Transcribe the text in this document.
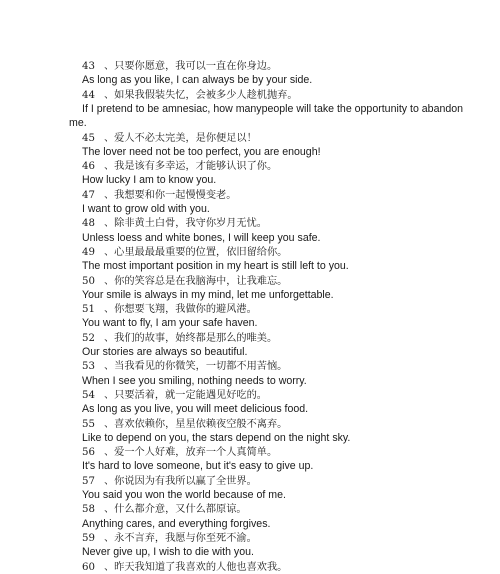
43 、只要你愿意，我可以一直在你身边。
As long as you like, I can always be by your side.
44 、如果我假装失忆，会被多少人趁机抛弃。
If I pretend to be amnesiac, how manypeople will take the opportunity to abandon
me.
45 、爱人不必太完美，是你便足以！
The lover need not be too perfect, you are enough!
46 、我是该有多幸运，才能够认识了你。
How lucky I am to know you.
47 、我想要和你一起慢慢变老。
I want to grow old with you.
48 、除非黄土白骨，我守你岁月无忧。
Unless loess and white bones, I will keep you safe.
49 、心里最最最重要的位置，依旧留给你。
The most important position in my heart is still left to you.
50 、你的笑容总是在我脑海中，让我难忘。
Your smile is always in my mind, let me unforgettable.
51 、你想要飞翔，我做你的避风港。
You want to fly, I am your safe haven.
52 、我们的故事，始终都是那么的唯美。
Our stories are always so beautiful.
53 、当我看见的你微笑，一切都不用苦恼。
When I see you smiling, nothing needs to worry.
54 、只要活着，就一定能遇见好吃的。
As long as you live, you will meet delicious food.
55 、喜欢依赖你，星星依赖夜空般不离弃。
Like to depend on you, the stars depend on the night sky.
56 、爱一个人好难，放弃一个人真简单。
It's hard to love someone, but it's easy to give up.
57 、你说因为有我所以赢了全世界。
You said you won the world because of me.
58 、什么都介意，又什么都原谅。
Anything cares, and everything forgives.
59 、永不言弃，我愿与你至死不渝。
Never give up, I wish to die with you.
60 、昨天我知道了我喜欢的人他也喜欢我。
